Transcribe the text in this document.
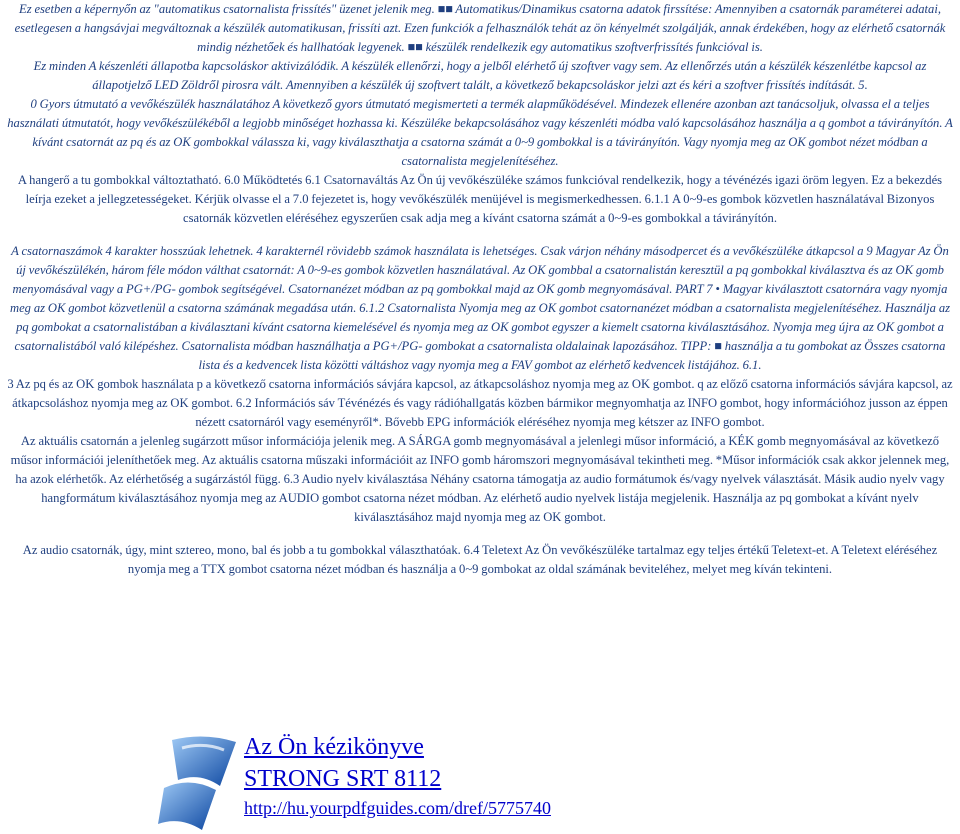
Ez esetben a képernyőn az "automatikus csatornalista frissítés" üzenet jelenik meg. ■■ Automatikus/Dinamikus csatorna adatok firssítése: Amennyiben a csatornák paraméterei adatai, esetlegesen a hangsávjai megváltoznak a készülék automatikusan, frissíti azt. Ezen funkciók a felhasználók tehát az ön kényelmét szolgálják, annak érdekében, hogy az elérhető csatornák mindig nézhetőek és hallhatóak legyenek. ■■ készülék rendelkezik egy automatikus szoftverfrissítés funkcióval is.

Ez minden A készenléti állapotba kapcsoláskor aktivizálódik. A készülék ellenőrzi, hogy a jelből elérhető új szoftver vagy sem. Az ellenőrzés után a készülék készenlétbe kapcsol az állapotjelző LED Zöldről pirosra vált. Amennyiben a készülék új szoftvert talált, a következő bekapcsoláskor jelzi azt és kéri a szoftver frissítés indítását. 5.

0 Gyors útmutató a vevőkészülék használatához A következő gyors útmutató megismerteti a termék alapműködésével. Mindezek ellenére azonban azt tanácsoljuk, olvassa el a teljes használati útmutatót, hogy vevőkészülékéből a legjobb minőséget hozhassa ki. Készüléke bekapcsolásához vagy készenléti módba való kapcsolásához használja a q gombot a távirányítón. A kívánt csatornát az pq és az OK gombokkal válassza ki, vagy kiválaszthatja a csatorna számát a 0~9 gombokkal is a távirányítón. Vagy nyomja meg az OK gombot nézet módban a csatornalista megjelenítéséhez.

A hangerő a tu gombokkal változtatható. 6.0 Működtetés 6.1 Csatornaváltás Az Ön új vevőkészüléke számos funkcióval rendelkezik, hogy a tévénézés igazi öröm legyen. Ez a bekezdés leírja ezeket a jellegzetességeket. Kérjük olvasse el a 7.0 fejezetet is, hogy vevőkészülék menüjével is megismerkedhessen. 6.1.1 A 0~9-es gombok közvetlen használatával Bizonyos csatornák közvetlen eléréséhez egyszerűen csak adja meg a kívánt csatorna számát a 0~9-es gombokkal a távirányítón.

A csatornaszámok 4 karakter hosszúak lehetnek. 4 karakternél rövidebb számok használata is lehetséges. Csak várjon néhány másodpercet és a vevőkészüléke átkapcsol a 9 Magyar Az Ön új vevőkészülékén, három féle módon válthat csatornát: A 0~9-es gombok közvetlen használatával. Az OK gombbal a csatornalistán keresztül a pq gombokkal kiválasztva és az OK gomb menyomásával vagy a PG+/PG- gombok segítségével. Csatornanézet módban az pq gombokkal majd az OK gomb megnyomásával. PART 7 • Magyar kiválasztott csatornára vagy nyomja meg az OK gombot közvetlenül a csatorna számának megadása után. 6.1.2 Csatornalista Nyomja meg az OK gombot csatornanézet módban a csatornalista megjelenítéséhez. Használja az pq gombokat a csatornalistában a kiválasztani kívánt csatorna kiemelésével és nyomja meg az OK gombot egyszer a kiemelt csatorna kiválasztásához. Nyomja meg újra az OK gombot a csatornalistából való kilépéshez. Csatornalista módban használhatja a PG+/PG- gombokat a csatornalista oldalainak lapozásához. TIPP: ■ használja a tu gombokat az Összes csatorna lista és a kedvencek lista közötti váltáshoz vagy nyomja meg a FAV gombot az elérhető kedvencek listájához. 6.1.

3 Az pq és az OK gombok használata p a következő csatorna információs sávjára kapcsol, az átkapcsoláshoz nyomja meg az OK gombot. q az előző csatorna információs sávjára kapcsol, az átkapcsoláshoz nyomja meg az OK gombot. 6.2 Információs sáv Tévénézés és vagy rádióhallgatás közben bármikor megnyomhatja az INFO gombot, hogy információhoz jusson az éppen nézett csatornáról vagy eseményről*. Bővebb EPG információk eléréséhez nyomja meg kétszer az INFO gombot.

Az aktuális csatornán a jelenleg sugárzott műsor információja jelenik meg. A SÁRGA gomb megnyomásával a jelenlegi műsor információ, a KÉK gomb megnyomásával az következő műsor információi jeleníthetőek meg. Az aktuális csatorna műszaki információit az INFO gomb háromszori megnyomásával tekintheti meg. *Műsor információk csak akkor jelennek meg, ha azok elérhetők. Az elérhetőség a sugárzástól függ. 6.3 Audio nyelv kiválasztása Néhány csatorna támogatja az audio formátumok és/vagy nyelvek választását. Másik audio nyelv vagy hangformátum kiválasztásához nyomja meg az AUDIO gombot csatorna nézet módban. Az elérhető audio nyelvek listája megjelenik. Használja az pq gombokat a kívánt nyelv kiválasztásához majd nyomja meg az OK gombot.

Az audio csatornák, úgy, mint sztereo, mono, bal és jobb a tu gombokkal választhatóak. 6.4 Teletext Az Ön vevőkészüléke tartalmaz egy teljes értékű Teletext-et. A Teletext eléréséhez nyomja meg a TTX gombot csatorna nézet módban és használja a 0~9 gombokat az oldal számának beviteléhez, melyet meg kíván tekinteni.

Az Ön kézikönyve
STRONG SRT 8112
http://hu.yourpdfguides.com/dref/5775740
